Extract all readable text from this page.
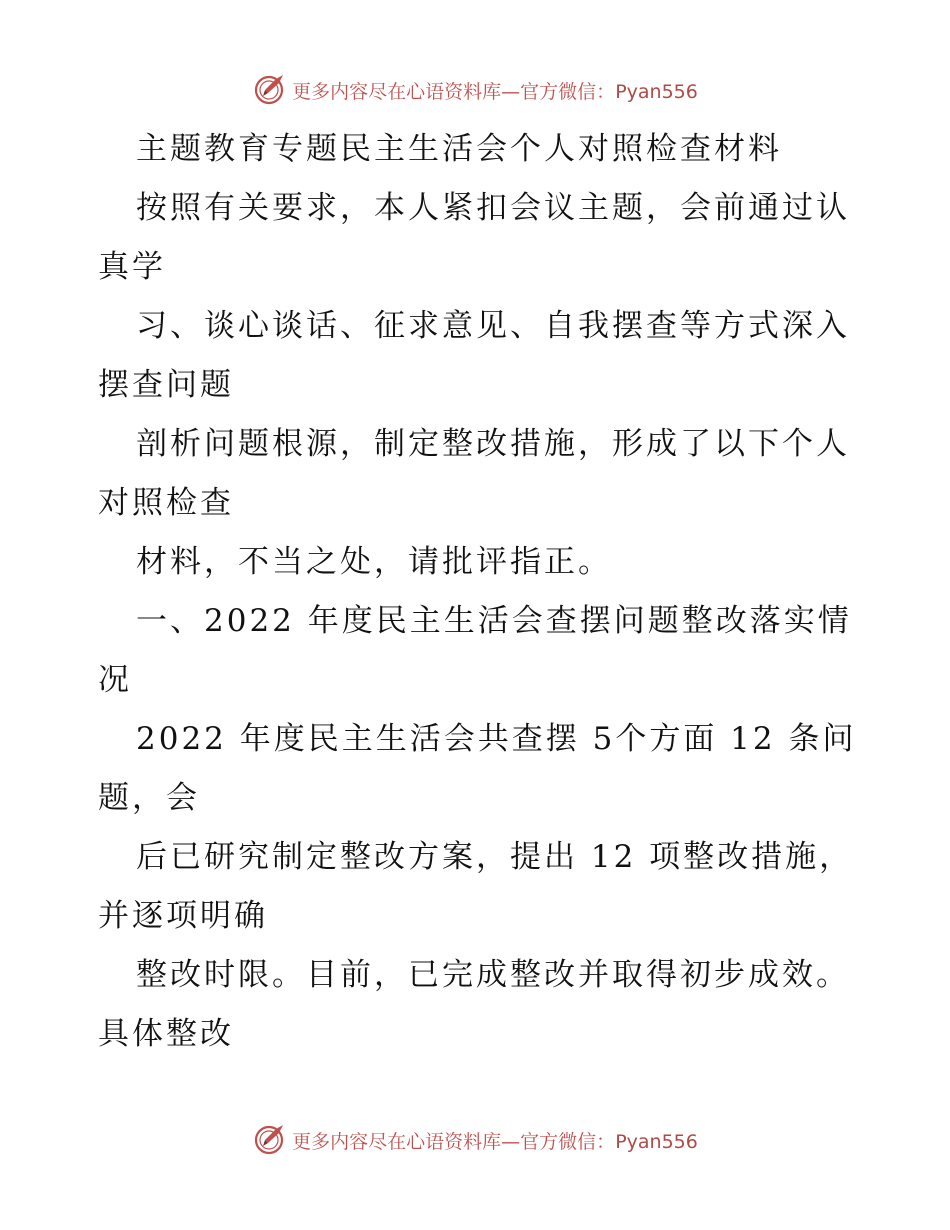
更多内容尽在心语资料库—官方微信：Pyan556
主题教育专题民主生活会个人对照检查材料
按照有关要求，本人紧扣会议主题，会前通过认
真学
习、谈心谈话、征求意见、自我摆查等方式深入
摆查问题
剖析问题根源，制定整改措施，形成了以下个人
对照检查
材料，不当之处，请批评指正。
一、2022 年度民主生活会查摆问题整改落实情
况
2022 年度民主生活会共查摆 5个方面 12 条问
题，会
后已研究制定整改方案，提出 12 项整改措施，
并逐项明确
整改时限。目前，已完成整改并取得初步成效。
具体整改
更多内容尽在心语资料库—官方微信：Pyan556
